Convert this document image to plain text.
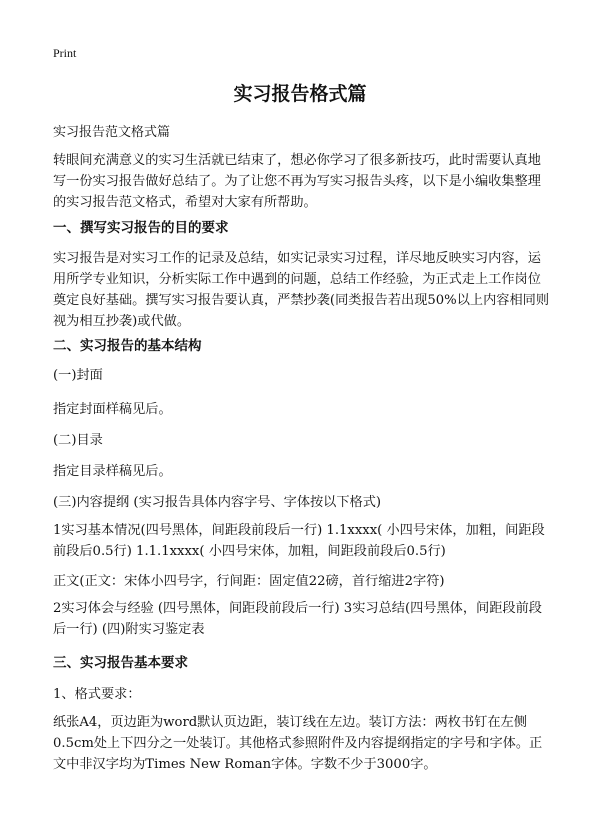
Print
实习报告格式篇
实习报告范文格式篇
转眼间充满意义的实习生活就已结束了，想必你学习了很多新技巧，此时需要认真地写一份实习报告做好总结了。为了让您不再为写实习报告头疼，以下是小编收集整理的实习报告范文格式，希望对大家有所帮助。
一、撰写实习报告的目的要求
实习报告是对实习工作的记录及总结，如实记录实习过程，详尽地反映实习内容，运用所学专业知识，分析实际工作中遇到的问题，总结工作经验，为正式走上工作岗位奠定良好基础。撰写实习报告要认真，严禁抄袭(同类报告若出现50%以上内容相同则视为相互抄袭)或代做。
二、实习报告的基本结构
(一)封面
指定封面样稿见后。
(二)目录
指定目录样稿见后。
(三)内容提纲 (实习报告具体内容字号、字体按以下格式)
1实习基本情况(四号黑体，间距段前段后一行) 1.1xxxx( 小四号宋体，加粗，间距段前段后0.5行) 1.1.1xxxx( 小四号宋体，加粗，间距段前段后0.5行)
正文(正文：宋体小四号字，行间距：固定值22磅，首行缩进2字符)
2实习体会与经验 (四号黑体，间距段前段后一行) 3实习总结(四号黑体，间距段前段后一行) (四)附实习鉴定表
三、实习报告基本要求
1、格式要求：
纸张A4，页边距为word默认页边距，装订线在左边。装订方法：两枚书钉在左侧0.5cm处上下四分之一处装订。其他格式参照附件及内容提纲指定的字号和字体。正文中非汉字均为Times New Roman字体。字数不少于3000字。
